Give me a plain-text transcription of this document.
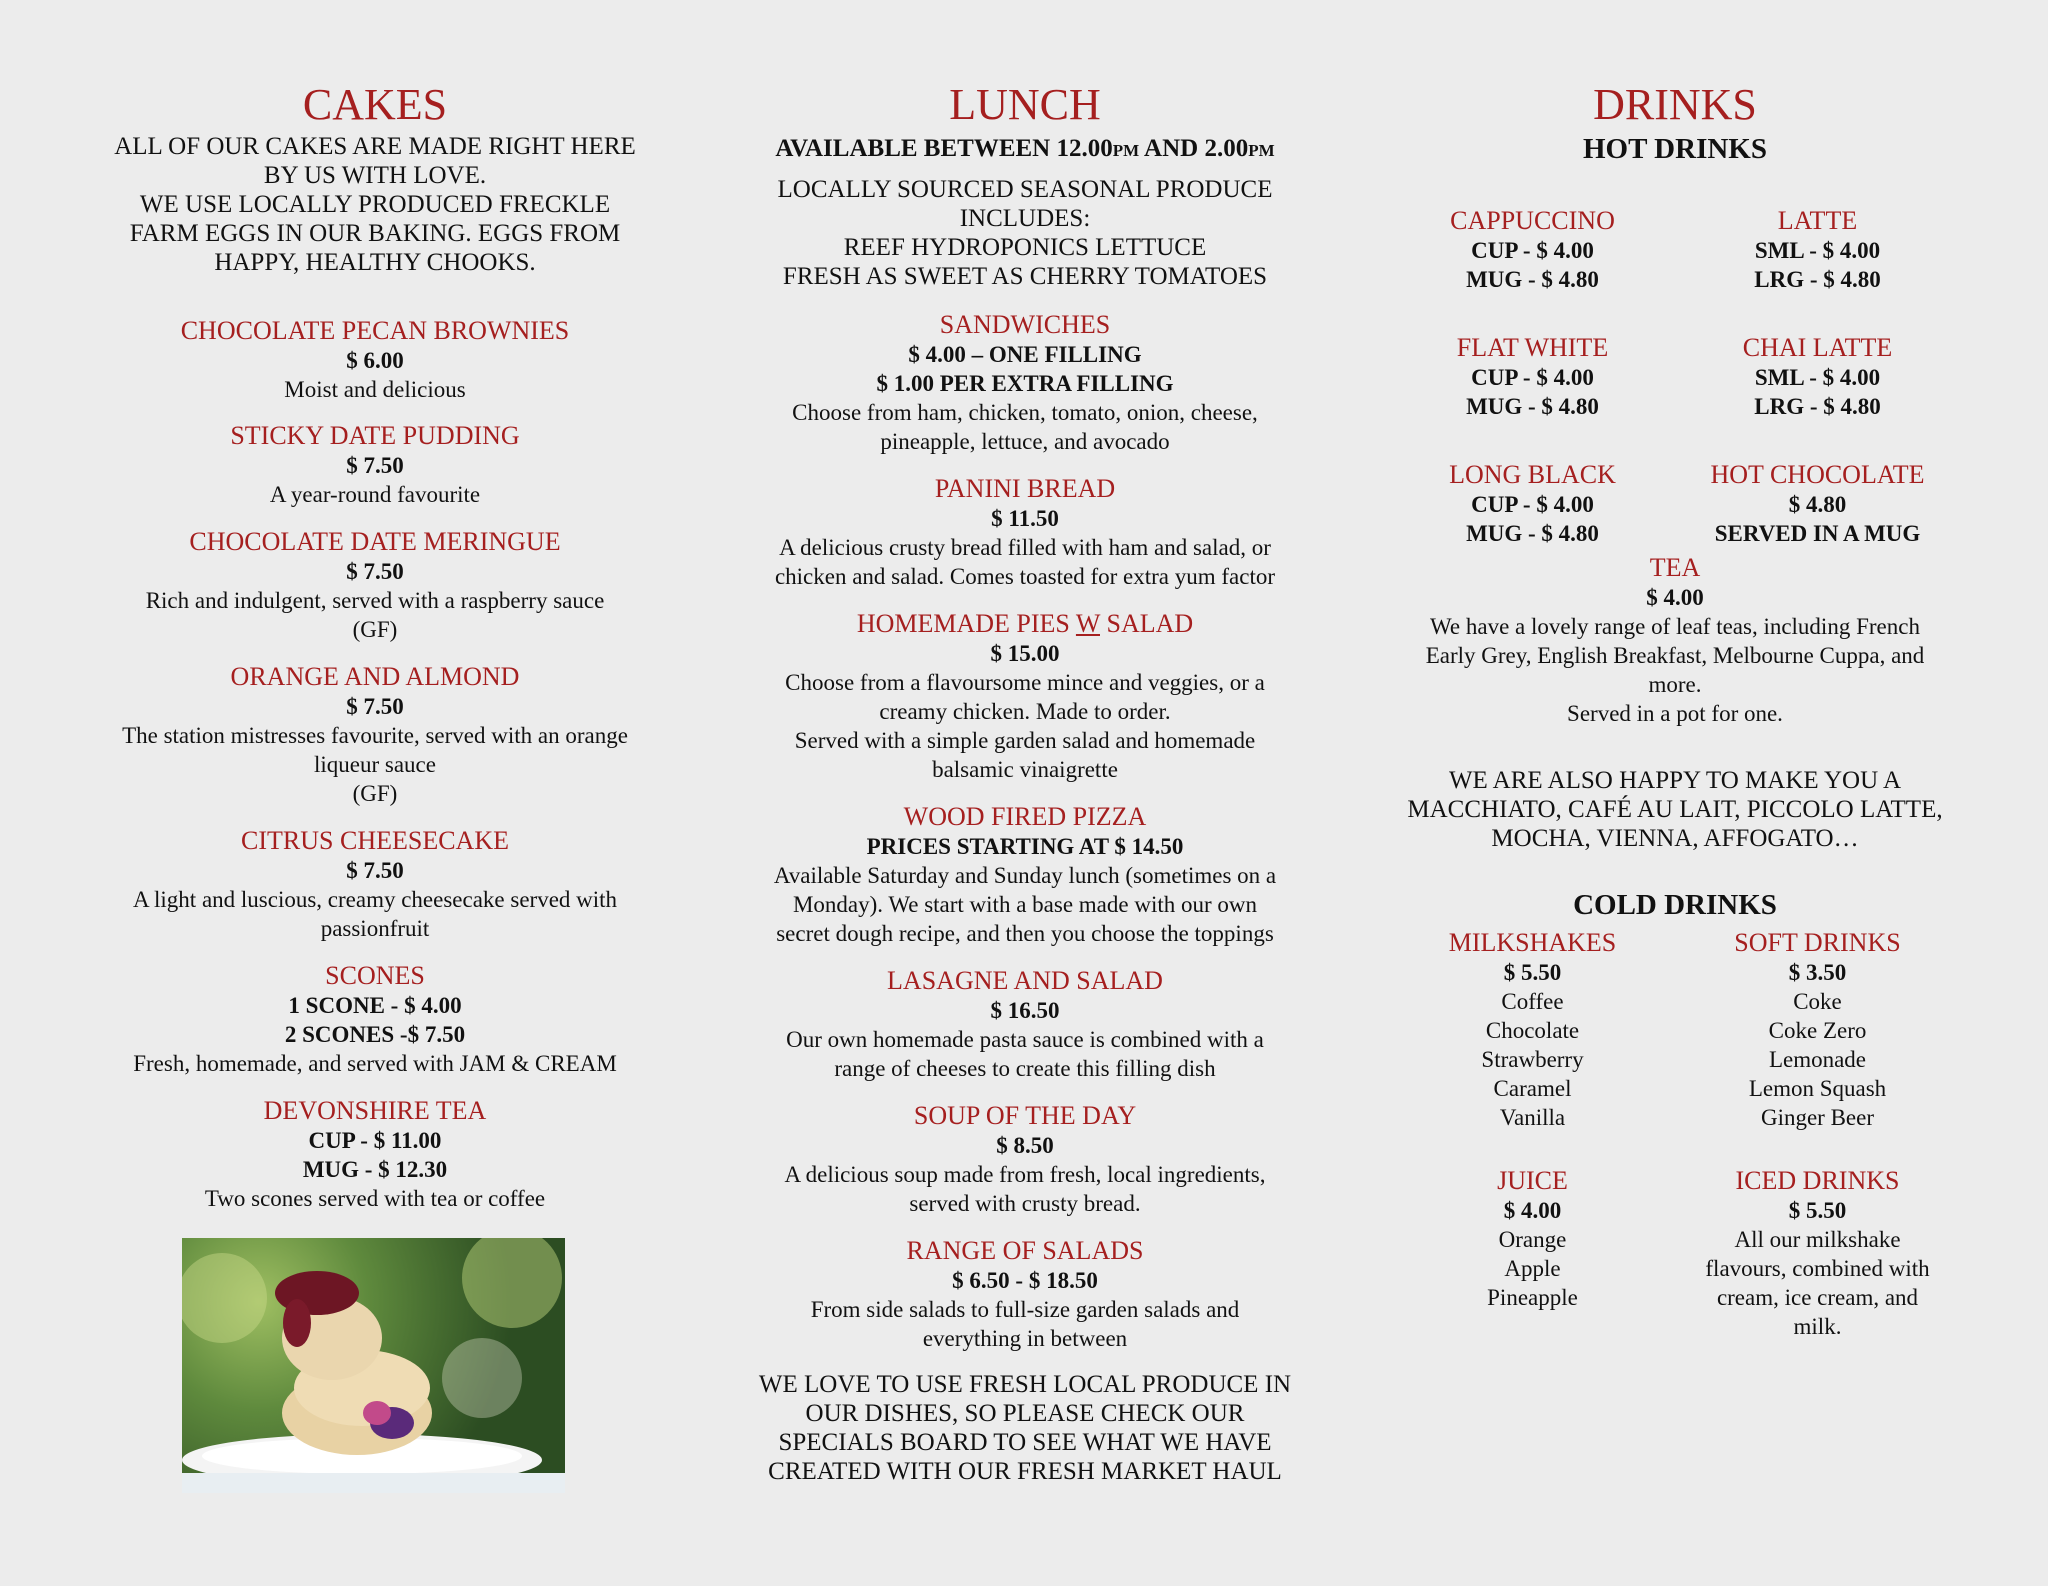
CAKES
ALL OF OUR CAKES ARE MADE RIGHT HERE
BY US WITH LOVE.
WE USE LOCALLY PRODUCED FRECKLE
FARM EGGS IN OUR BAKING. EGGS FROM
HAPPY, HEALTHY CHOOKS.
CHOCOLATE PECAN BROWNIES
$ 6.00
Moist and delicious
STICKY DATE PUDDING
$ 7.50
A year-round favourite
CHOCOLATE DATE MERINGUE
$ 7.50
Rich and indulgent, served with a raspberry sauce
(GF)
ORANGE AND ALMOND
$ 7.50
The station mistresses favourite, served with an orange
liqueur sauce
(GF)
CITRUS CHEESECAKE
$ 7.50
A light and luscious, creamy cheesecake served with
passionfruit
SCONES
1 SCONE - $ 4.00
2 SCONES -$ 7.50
Fresh, homemade, and served with JAM & CREAM
DEVONSHIRE TEA
CUP - $ 11.00
MUG - $ 12.30
Two scones served with tea or coffee
LUNCH
AVAILABLE BETWEEN 12.00PM AND 2.00PM
LOCALLY SOURCED SEASONAL PRODUCE
INCLUDES:
REEF HYDROPONICS LETTUCE
FRESH AS SWEET AS CHERRY TOMATOES
SANDWICHES
$ 4.00 – ONE FILLING
$ 1.00 PER EXTRA FILLING
Choose from ham, chicken, tomato, onion, cheese,
pineapple, lettuce, and avocado
PANINI BREAD
$ 11.50
A delicious crusty bread filled with ham and salad, or
chicken and salad. Comes toasted for extra yum factor
HOMEMADE PIES W SALAD
$ 15.00
Choose from a flavoursome mince and veggies, or a
creamy chicken. Made to order.
Served with a simple garden salad and homemade
balsamic vinaigrette
WOOD FIRED PIZZA
PRICES STARTING AT $ 14.50
Available Saturday and Sunday lunch (sometimes on a
Monday). We start with a base made with our own
secret dough recipe, and then you choose the toppings
LASAGNE AND SALAD
$ 16.50
Our own homemade pasta sauce is combined with a
range of cheeses to create this filling dish
SOUP OF THE DAY
$ 8.50
A delicious soup made from fresh, local ingredients,
served with crusty bread.
RANGE OF SALADS
$ 6.50 - $ 18.50
From side salads to full-size garden salads and
everything in between
WE LOVE TO USE FRESH LOCAL PRODUCE IN
OUR DISHES, SO PLEASE CHECK OUR
SPECIALS BOARD TO SEE WHAT WE HAVE
CREATED WITH OUR FRESH MARKET HAUL
DRINKS
HOT DRINKS
CAPPUCCINO
CUP - $ 4.00
MUG - $ 4.80
LATTE
SML - $ 4.00
LRG - $ 4.80
FLAT WHITE
CUP - $ 4.00
MUG - $ 4.80
CHAI LATTE
SML - $ 4.00
LRG - $ 4.80
LONG BLACK
CUP - $ 4.00
MUG - $ 4.80
HOT CHOCOLATE
$ 4.80
SERVED IN A MUG
TEA
$ 4.00
We have a lovely range of leaf teas, including French
Early Grey, English Breakfast, Melbourne Cuppa, and
more.
Served in a pot for one.
WE ARE ALSO HAPPY TO MAKE YOU A
MACCHIATO, CAFÉ AU LAIT, PICCOLO LATTE,
MOCHA, VIENNA, AFFOGATO…
COLD DRINKS
MILKSHAKES
$ 5.50
Coffee
Chocolate
Strawberry
Caramel
Vanilla
SOFT DRINKS
$ 3.50
Coke
Coke Zero
Lemonade
Lemon Squash
Ginger Beer
JUICE
$ 4.00
Orange
Apple
Pineapple
ICED DRINKS
$ 5.50
All our milkshake
flavours, combined with
cream, ice cream, and
milk.
